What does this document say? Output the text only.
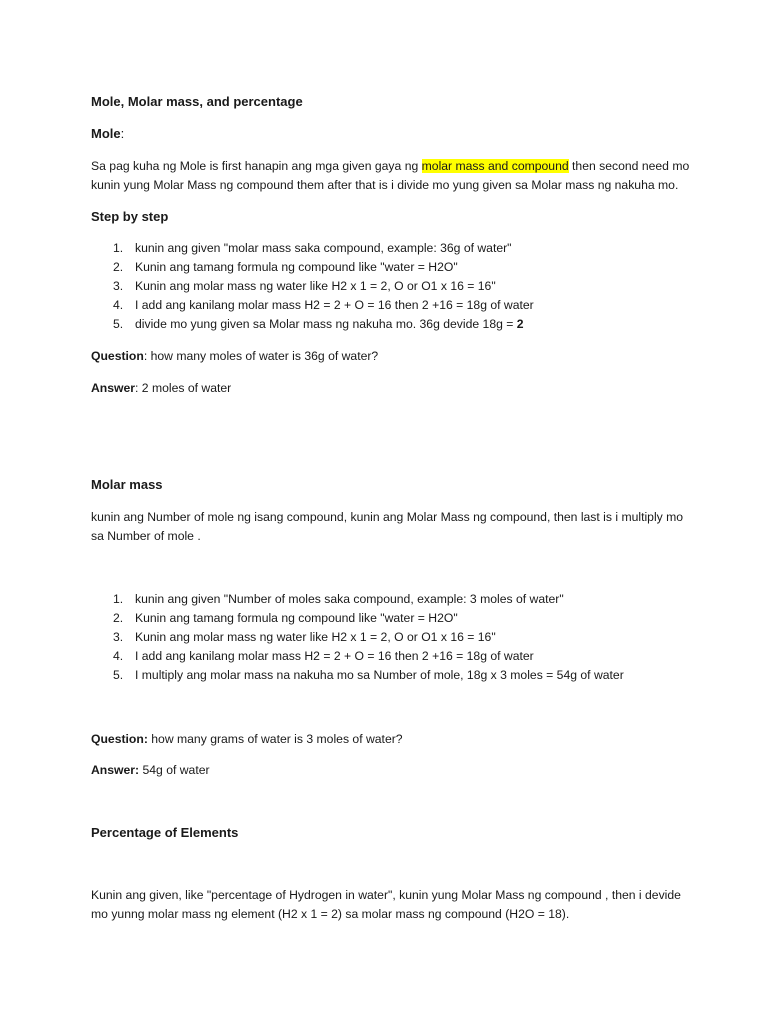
Mole, Molar mass, and percentage
Mole:
Sa pag kuha ng Mole is first hanapin ang mga given gaya ng molar mass and compound then second need mo kunin yung Molar Mass ng compound them after that is i divide mo yung given sa Molar mass ng nakuha mo.
Step by step
1. kunin ang given "molar mass saka compound, example: 36g of water"
2. Kunin ang tamang formula ng compound like "water = H2O"
3. Kunin ang molar mass ng water like H2 x 1 = 2, O or O1 x 16 = 16"
4. I add ang kanilang molar mass H2 = 2 + O = 16 then 2 +16 = 18g of water
5. divide mo yung given sa Molar mass ng nakuha mo. 36g devide 18g = 2
Question: how many moles of water is 36g of water?
Answer: 2 moles of water
Molar mass
kunin ang Number of mole ng isang compound, kunin ang Molar Mass ng compound, then last is i multiply mo sa Number of mole .
1. kunin ang given "Number of moles saka compound, example: 3 moles of water"
2. Kunin ang tamang formula ng compound like "water = H2O"
3. Kunin ang molar mass ng water like H2 x 1 = 2, O or O1 x 16 = 16"
4. I add ang kanilang molar mass H2 = 2 + O = 16 then 2 +16 = 18g of water
5. I multiply ang molar mass na nakuha mo sa Number of mole, 18g x 3 moles = 54g of water
Question: how many grams of water is 3 moles of water?
Answer: 54g of water
Percentage of Elements
Kunin ang given, like "percentage of Hydrogen in water", kunin yung Molar Mass ng compound , then i devide mo yunng molar mass ng element (H2 x 1 = 2) sa molar mass ng compound (H2O = 18).
